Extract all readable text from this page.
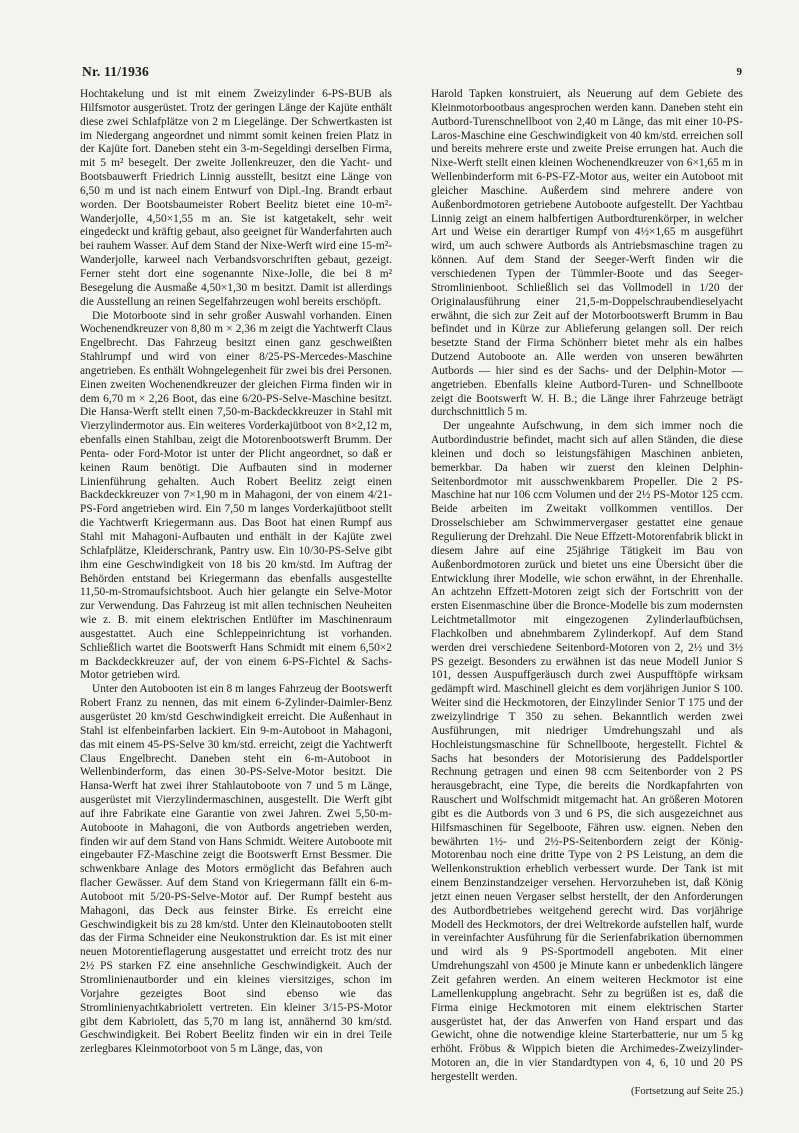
Nr. 11/1936	9

Hochtakelung und ist mit einem Zweizylinder 6-PS-BUB als Hilfsmotor ausgerüstet. Trotz der geringen Länge der Kajüte enthält diese zwei Schlafplätze von 2 m Liegelänge. Der Schwertkasten ist im Niedergang angeordnet und nimmt somit keinen freien Platz in der Kajüte fort. Daneben steht ein 3-m-Segeldingi derselben Firma, mit 5 m² besegelt. Der zweite Jollenkreuzer, den die Yacht- und Bootsbauwerft Friedrich Linnig ausstellt, besitzt eine Länge von 6,50 m und ist nach einem Entwurf von Dipl.-Ing. Brandt erbaut worden. Der Bootsbaumeister Robert Beelitz bietet eine 10-m²-Wanderjolle, 4,50×1,55 m an. Sie ist katgetakelt, sehr weit eingedeckt und kräftig gebaut, also geeignet für Wanderfahrten auch bei rauhem Wasser. Auf dem Stand der Nixe-Werft wird eine 15-m²-Wanderjolle, karweel nach Verbandsvorschriften gebaut, gezeigt. Ferner steht dort eine sogenannte Nixe-Jolle, die bei 8 m² Besegelung die Ausmaße 4,50×1,30 m besitzt. Damit ist allerdings die Ausstellung an reinen Segelfahrzeugen wohl bereits erschöpft.

Die Motorboote sind in sehr großer Auswahl vorhanden. Einen Wochenendkreuzer von 8,80 m × 2,36 m zeigt die Yachtwerft Claus Engelbrecht. Das Fahrzeug besitzt einen ganz geschweißten Stahlrumpf und wird von einer 8/25-PS-Mercedes-Maschine angetrieben. Es enthält Wohngelegenheit für zwei bis drei Personen. Einen zweiten Wochenendkreuzer der gleichen Firma finden wir in dem 6,70 m × 2,26 Boot, das eine 6/20-PS-Selve-Maschine besitzt. Die Hansa-Werft stellt einen 7,50-m-Backdeckkreuzer in Stahl mit Vierzylindermotor aus. Ein weiteres Vorderkajütboot von 8×2,12 m, ebenfalls einen Stahlbau, zeigt die Motorenbootswerft Brumm. Der Penta- oder Ford-Motor ist unter der Plicht angeordnet, so daß er keinen Raum benötigt. Die Aufbauten sind in moderner Linienführung gehalten. Auch Robert Beelitz zeigt einen Backdeckkreuzer von 7×1,90 m in Mahagoni, der von einem 4/21-PS-Ford angetrieben wird. Ein 7,50 m langes Vorderkajütboot stellt die Yachtwerft Kriegermann aus. Das Boot hat einen Rumpf aus Stahl mit Mahagoni-Aufbauten und enthält in der Kajüte zwei Schlafplätze, Kleiderschrank, Pantry usw. Ein 10/30-PS-Selve gibt ihm eine Geschwindigkeit von 18 bis 20 km/std. Im Auftrag der Behörden entstand bei Kriegermann das ebenfalls ausgestellte 11,50-m-Stromaufsichtsboot. Auch hier gelangte ein Selve-Motor zur Verwendung. Das Fahrzeug ist mit allen technischen Neuheiten wie z. B. mit einem elektrischen Entlüfter im Maschinenraum ausgestattet. Auch eine Schleppeinrichtung ist vorhanden. Schließlich wartet die Bootswerft Hans Schmidt mit einem 6,50×2 m Backdeckkreuzer auf, der von einem 6-PS-Fichtel & Sachs-Motor getrieben wird.

Unter den Autobooten ist ein 8 m langes Fahrzeug der Bootswerft Robert Franz zu nennen, das mit einem 6-Zylinder-Daimler-Benz ausgerüstet 20 km/std Geschwindigkeit erreicht. Die Außenhaut in Stahl ist elfenbeinfarben lackiert. Ein 9-m-Autoboot in Mahagoni, das mit einem 45-PS-Selve 30 km/std. erreicht, zeigt die Yachtwerft Claus Engelbrecht. Daneben steht ein 6-m-Autoboot in Wellenbinderform, das einen 30-PS-Selve-Motor besitzt. Die Hansa-Werft hat zwei ihrer Stahlautoboote von 7 und 5 m Länge, ausgerüstet mit Vierzylindermaschinen, ausgestellt. Die Werft gibt auf ihre Fabrikate eine Garantie von zwei Jahren. Zwei 5,50-m-Autoboote in Mahagoni, die von Autbords angetrieben werden, finden wir auf dem Stand von Hans Schmidt. Weitere Autoboote mit eingebauter FZ-Maschine zeigt die Bootswerft Ernst Bessmer. Die schwenkbare Anlage des Motors ermöglicht das Befahren auch flacher Gewässer. Auf dem Stand von Kriegermann fällt ein 6-m-Autoboot mit 5/20-PS-Selve-Motor auf. Der Rumpf besteht aus Mahagoni, das Deck aus feinster Birke. Es erreicht eine Geschwindigkeit bis zu 28 km/std. Unter den Kleinautobooten stellt das der Firma Schneider eine Neukonstruktion dar. Es ist mit einer neuen Motorentieflagerung ausgestattet und erreicht trotz des nur 2½ PS starken FZ eine ansehnliche Geschwindigkeit. Auch der Stromlinienautborder und ein kleines viersitziges, schon im Vorjahre gezeigtes Boot sind ebenso wie das Stromlinienyachtkabriolett vertreten. Ein kleiner 3/15-PS-Motor gibt dem Kabriolett, das 5,70 m lang ist, annähernd 30 km/std. Geschwindigkeit. Bei Robert Beelitz finden wir ein in drei Teile zerlegbares Kleinmotorboot von 5 m Länge, das, von

Harold Tapken konstruiert, als Neuerung auf dem Gebiete des Kleinmotorbootbaus angesprochen werden kann. Daneben steht ein Autbord-Turenschnellboot von 2,40 m Länge, das mit einer 10-PS-Laros-Maschine eine Geschwindigkeit von 40 km/std. erreichen soll und bereits mehrere erste und zweite Preise errungen hat. Auch die Nixe-Werft stellt einen kleinen Wochenendkreuzer von 6×1,65 m in Wellenbinderform mit 6-PS-FZ-Motor aus, weiter ein Autoboot mit gleicher Maschine. Außerdem sind mehrere andere von Außenbordmotoren getriebene Autoboote aufgestellt. Der Yachtbau Linnig zeigt an einem halbfertigen Autbordturenkörper, in welcher Art und Weise ein derartiger Rumpf von 4½×1,65 m ausgeführt wird, um auch schwere Autbords als Antriebsmaschine tragen zu können. Auf dem Stand der Seeger-Werft finden wir die verschiedenen Typen der Tümmler-Boote und das Seeger-Stromlinienboot. Schließlich sei das Vollmodell in 1/20 der Originalausführung einer 21,5-m-Doppelschraubendieselyacht erwähnt, die sich zur Zeit auf der Motorbootswerft Brumm in Bau befindet und in Kürze zur Ablieferung gelangen soll. Der reich besetzte Stand der Firma Schönherr bietet mehr als ein halbes Dutzend Autoboote an. Alle werden von unseren bewährten Autbords — hier sind es der Sachs- und der Delphin-Motor — angetrieben. Ebenfalls kleine Autbord-Turen- und Schnellboote zeigt die Bootswerft W. H. B.; die Länge ihrer Fahrzeuge beträgt durchschnittlich 5 m.

Der ungeahnte Aufschwung, in dem sich immer noch die Autbordindustrie befindet, macht sich auf allen Ständen, die diese kleinen und doch so leistungsfähigen Maschinen anbieten, bemerkbar. Da haben wir zuerst den kleinen Delphin-Seitenbordmotor mit ausschwenkbarem Propeller. Die 2 PS-Maschine hat nur 106 ccm Volumen und der 2½ PS-Motor 125 ccm. Beide arbeiten im Zweitakt vollkommen ventillos. Der Drosselschieber am Schwimmervergaser gestattet eine genaue Regulierung der Drehzahl. Die Neue Effzett-Motorenfabrik blickt in diesem Jahre auf eine 25jährige Tätigkeit im Bau von Außenbordmotoren zurück und bietet uns eine Übersicht über die Entwicklung ihrer Modelle, wie schon erwähnt, in der Ehrenhalle. An achtzehn Effzett-Motoren zeigt sich der Fortschritt von der ersten Eisenmaschine über die Bronce-Modelle bis zum modernsten Leichtmetallmotor mit eingezogenen Zylinderlaufbüchsen, Flachkolben und abnehmbarem Zylinderkopf. Auf dem Stand werden drei verschiedene Seitenbord-Motoren von 2, 2½ und 3½ PS gezeigt. Besonders zu erwähnen ist das neue Modell Junior S 101, dessen Auspuffgeräusch durch zwei Auspufftöpfe wirksam gedämpft wird. Maschinell gleicht es dem vorjährigen Junior S 100. Weiter sind die Heckmotoren, der Einzylinder Senior T 175 und der zweizylindrige T 350 zu sehen. Bekanntlich werden zwei Ausführungen, mit niedriger Umdrehungszahl und als Hochleistungsmaschine für Schnellboote, hergestellt. Fichtel & Sachs hat besonders der Motorisierung des Paddelsportler Rechnung getragen und einen 98 ccm Seitenborder von 2 PS herausgebracht, eine Type, die bereits die Nordkapfahrten von Rauschert und Wolfschmidt mitgemacht hat. An größeren Motoren gibt es die Autbords von 3 und 6 PS, die sich ausgezeichnet aus Hilfsmaschinen für Segelboote, Fähren usw. eignen. Neben den bewährten 1½- und 2½-PS-Seitenbordern zeigt der König-Motorenbau noch eine dritte Type von 2 PS Leistung, an dem die Wellenkonstruktion erheblich verbessert wurde. Der Tank ist mit einem Benzinstandzeiger versehen. Hervorzuheben ist, daß König jetzt einen neuen Vergaser selbst herstellt, der den Anforderungen des Autbordbetriebes weitgehend gerecht wird. Das vorjährige Modell des Heckmotors, der drei Weltrekorde aufstellen half, wurde in vereinfachter Ausführung für die Serienfabrikation übernommen und wird als 9 PS-Sportmodell angeboten. Mit einer Umdrehungszahl von 4500 je Minute kann er unbedenklich längere Zeit gefahren werden. An einem weiteren Heckmotor ist eine Lamellenkupplung angebracht. Sehr zu begrüßen ist es, daß die Firma einige Heckmotoren mit einem elektrischen Starter ausgerüstet hat, der das Anwerfen von Hand erspart und das Gewicht, ohne die notwendige kleine Starterbatterie, nur um 5 kg erhöht. Fröbus & Wippich bieten die Archimedes-Zweizylinder-Motoren an, die in vier Standardtypen von 4, 6, 10 und 20 PS hergestellt werden.

(Fortsetzung auf Seite 25.)
